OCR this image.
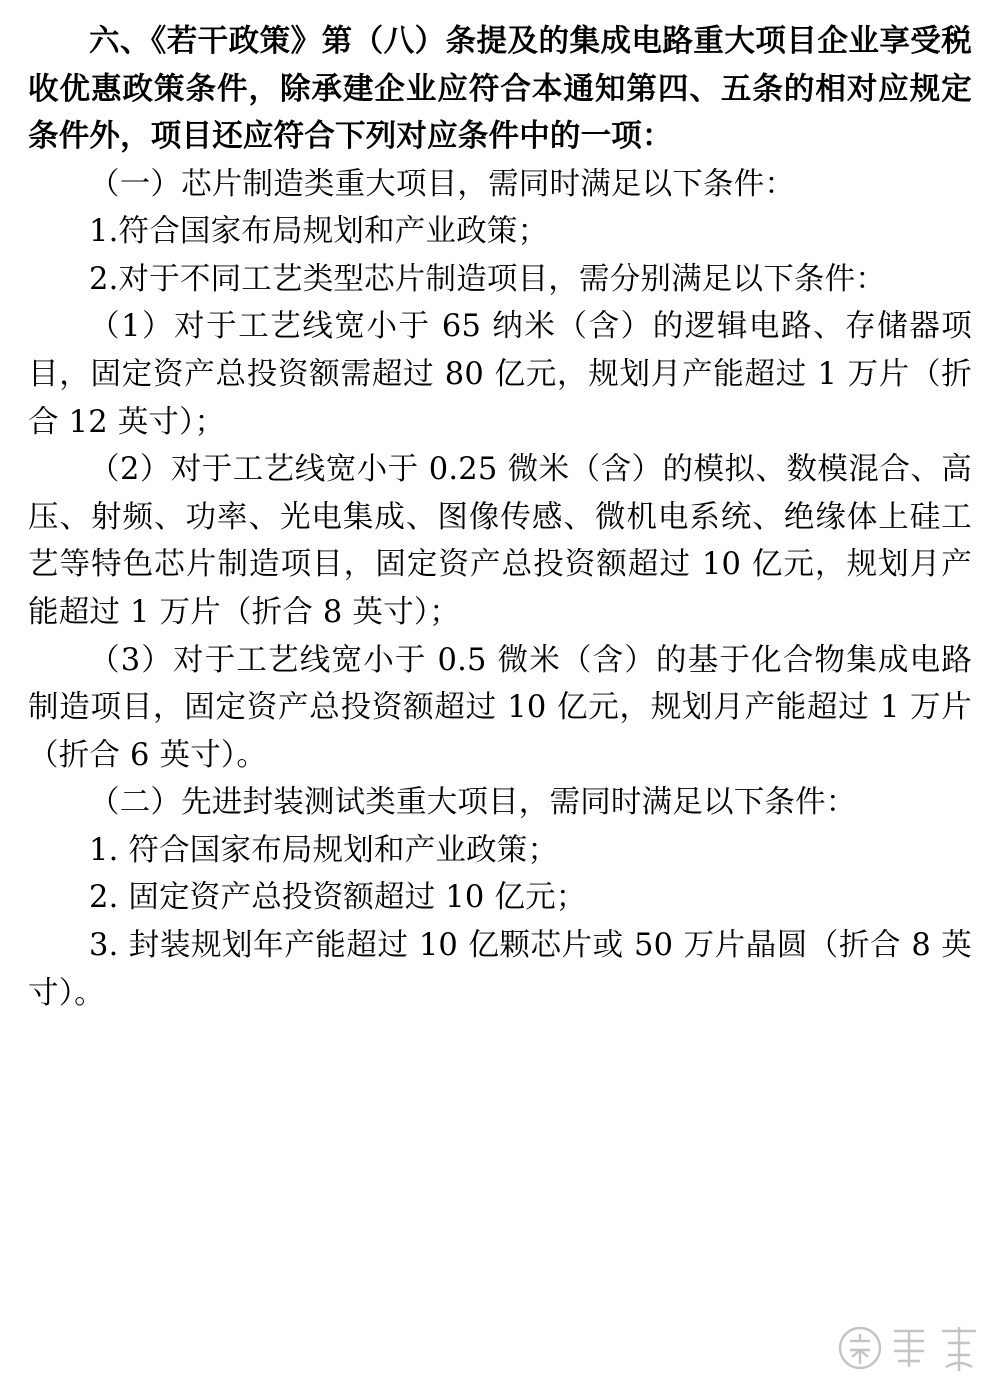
六、《若干政策》第（八）条提及的集成电路重大项目企业享受税收优惠政策条件，除承建企业应符合本通知第四、五条的相对应规定条件外，项目还应符合下列对应条件中的一项：

（一）芯片制造类重大项目，需同时满足以下条件：

1.符合国家布局规划和产业政策；

2.对于不同工艺类型芯片制造项目，需分别满足以下条件：

（1）对于工艺线宽小于 65 纳米（含）的逻辑电路、存储器项目，固定资产总投资额需超过 80 亿元，规划月产能超过 1 万片（折合 12 英寸）；

（2）对于工艺线宽小于 0.25 微米（含）的模拟、数模混合、高压、射频、功率、光电集成、图像传感、微机电系统、绝缘体上硅工艺等特色芯片制造项目，固定资产总投资额超过 10 亿元，规划月产能超过 1 万片（折合 8 英寸）；

（3）对于工艺线宽小于 0.5 微米（含）的基于化合物集成电路制造项目，固定资产总投资额超过 10 亿元，规划月产能超过 1 万片（折合 6 英寸）。

（二）先进封装测试类重大项目，需同时满足以下条件：

1. 符合国家布局规划和产业政策；

2. 固定资产总投资额超过 10 亿元；

3. 封装规划年产能超过 10 亿颗芯片或 50 万片晶圆（折合 8 英寸）。
